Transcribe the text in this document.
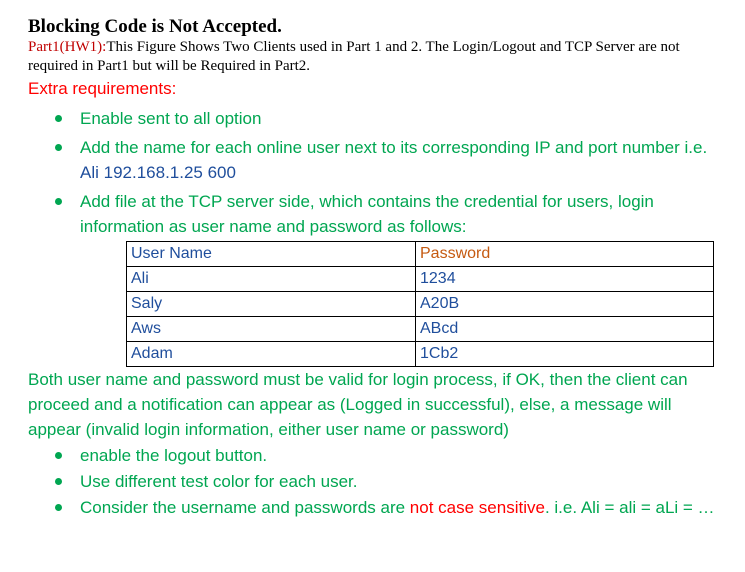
Blocking Code is Not Accepted.
Part1(HW1):This Figure Shows Two Clients used in Part 1 and 2. The Login/Logout and TCP Server are not required in Part1 but will be Required in Part2.
Extra requirements:
Enable sent to all option
Add the name for each online user next to its corresponding IP and port number i.e. Ali 192.168.1.25 600
Add file at the TCP server side, which contains the credential for users, login information as user name and password as follows:
User Name	Password
Ali	1234
Saly	A20B
Aws	ABcd
Adam	1Cb2
Both user name and password must be valid for login process, if OK, then the client can proceed and a notification can appear as (Logged in successful), else, a message will appear (invalid login information, either user name or password)
enable the logout button.
Use different test color for each user.
Consider the username and passwords are not case sensitive. i.e. Ali = ali = aLi = …
